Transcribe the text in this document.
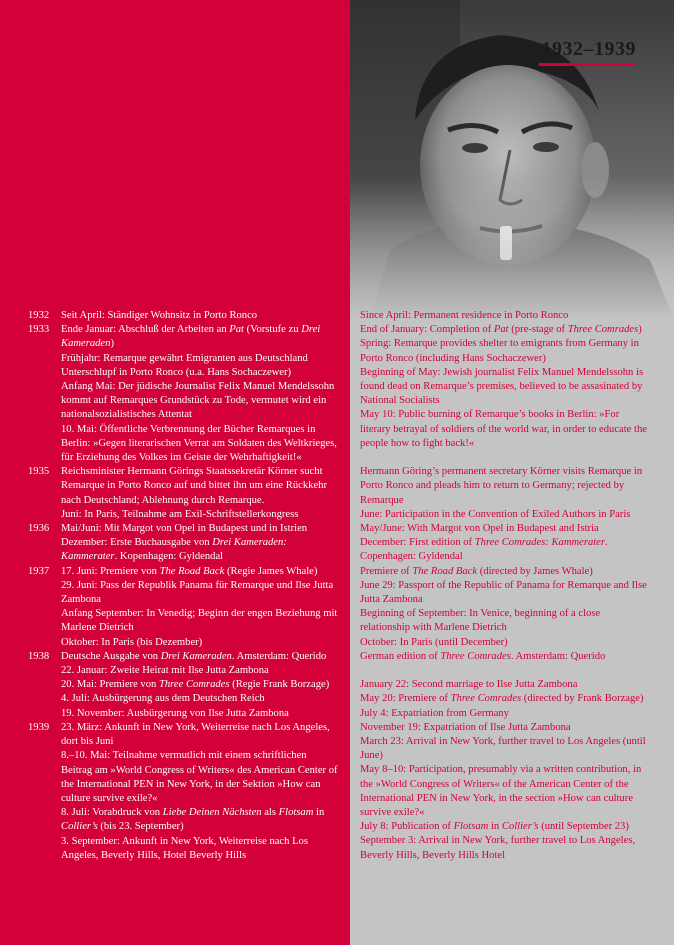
1932–1939
1932 Seit April: Ständiger Wohnsitz in Porto Ronco
1933 Ende Januar: Abschluß der Arbeiten an Pat (Vorstufe zu Drei Kameraden)
Frühjahr: Remarque gewährt Emigranten aus Deutschland Unterschlupf in Porto Ronco (u.a. Hans Sochaczewer)
Anfang Mai: Der jüdische Journalist Felix Manuel Mendelssohn kommt auf Remarques Grundstück zu Tode, vermutet wird ein nationalsozialistisches Attentat
10. Mai: Öffentliche Verbrennung der Bücher Remarques in Berlin: »Gegen literarischen Verrat am Soldaten des Weltkrieges, für Erziehung des Volkes im Geiste der Wehrhaftigkeit!«
1935 Reichsminister Hermann Görings Staatssekretär Körner sucht Remarque in Porto Ronco auf und bittet ihn um eine Rückkehr nach Deutschland; Ablehnung durch Remarque.
Juni: In Paris, Teilnahme am Exil-Schriftstellerkongress
1936 Mai/Juni: Mit Margot von Opel in Budapest und in Istrien
Dezember: Erste Buchausgabe von Drei Kameraden: Kammerater. Kopenhagen: Gyldendal
1937 17. Juni: Premiere von The Road Back (Regie James Whale)
29. Juni: Pass der Republik Panama für Remarque und Ilse Jutta Zambona
Anfang September: In Venedig; Beginn der engen Beziehung mit Marlene Dietrich
Oktober: In Paris (bis Dezember)
1938 Deutsche Ausgabe von Drei Kameraden. Amsterdam: Querido
22. Januar: Zweite Heirat mit Ilse Jutta Zambona
20. Mai: Premiere von Three Comrades (Regie Frank Borzage)
4. Juli: Ausbürgerung aus dem Deutschen Reich
19. November: Ausbürgerung von Ilse Jutta Zambona
1939 23. März: Ankunft in New York, Weiterreise nach Los Angeles, dort bis Juni
8.–10. Mai: Teilnahme vermutlich mit einem schriftlichen Beitrag am »World Congress of Writers« des American Center of the International PEN in New York, in der Sektion »How can culture survive exile?«
8. Juli: Vorabdruck von Liebe Deinen Nächsten als Flotsam in Collier’s (bis 23. September)
3. September: Ankunft in New York, Weiterreise nach Los Angeles, Beverly Hills, Hotel Beverly Hills
Since April: Permanent residence in Porto Ronco
End of January: Completion of Pat (pre-stage of Three Comrades)
Spring: Remarque provides shelter to emigrants from Germany in Porto Ronco (including Hans Sochaczewer)
Beginning of May: Jewish journalist Felix Manuel Mendelssohn is found dead on Remarque’s premises, believed to be assasinated by National Socialists
May 10: Public burning of Remarque’s books in Berlin: »For literary betrayal of soldiers of the world war, in order to educate the people how to fight back!«
Hermann Göring’s permanent secretary Körner visits Remarque in Porto Ronco and pleads him to return to Germany; rejected by Remarque
June: Participation in the Convention of Exiled Authors in Paris
May/June: With Margot von Opel in Budapest and Istria
December: First edition of Three Comrades: Kammerater. Copenhagen: Gyldendal
Premiere of The Road Back (directed by James Whale)
June 29: Passport of the Republic of Panama for Remarque and Ilse Jutta Zambona
Beginning of September: In Venice, beginning of a close relationship with Marlene Dietrich
October: In Paris (until December)
German edition of Three Comrades. Amsterdam: Querido
January 22: Second marriage to Ilse Jutta Zambona
May 20: Premiere of Three Comrades (directed by Frank Borzage)
July 4: Expatriation from Germany
November 19: Expatriation of Ilse Jutta Zambona
March 23: Arrival in New York, further travel to Los Angeles (until June)
May 8–10: Participation, presumably via a written contribution, in the »World Congress of Writers« of the American Center of the International PEN in New York, in the section »How can culture survive exile?«
July 8: Publication of Flotsam in Collier’s (until September 23)
September 3: Arrival in New York, further travel to Los Angeles, Beverly Hills, Beverly Hills Hotel
